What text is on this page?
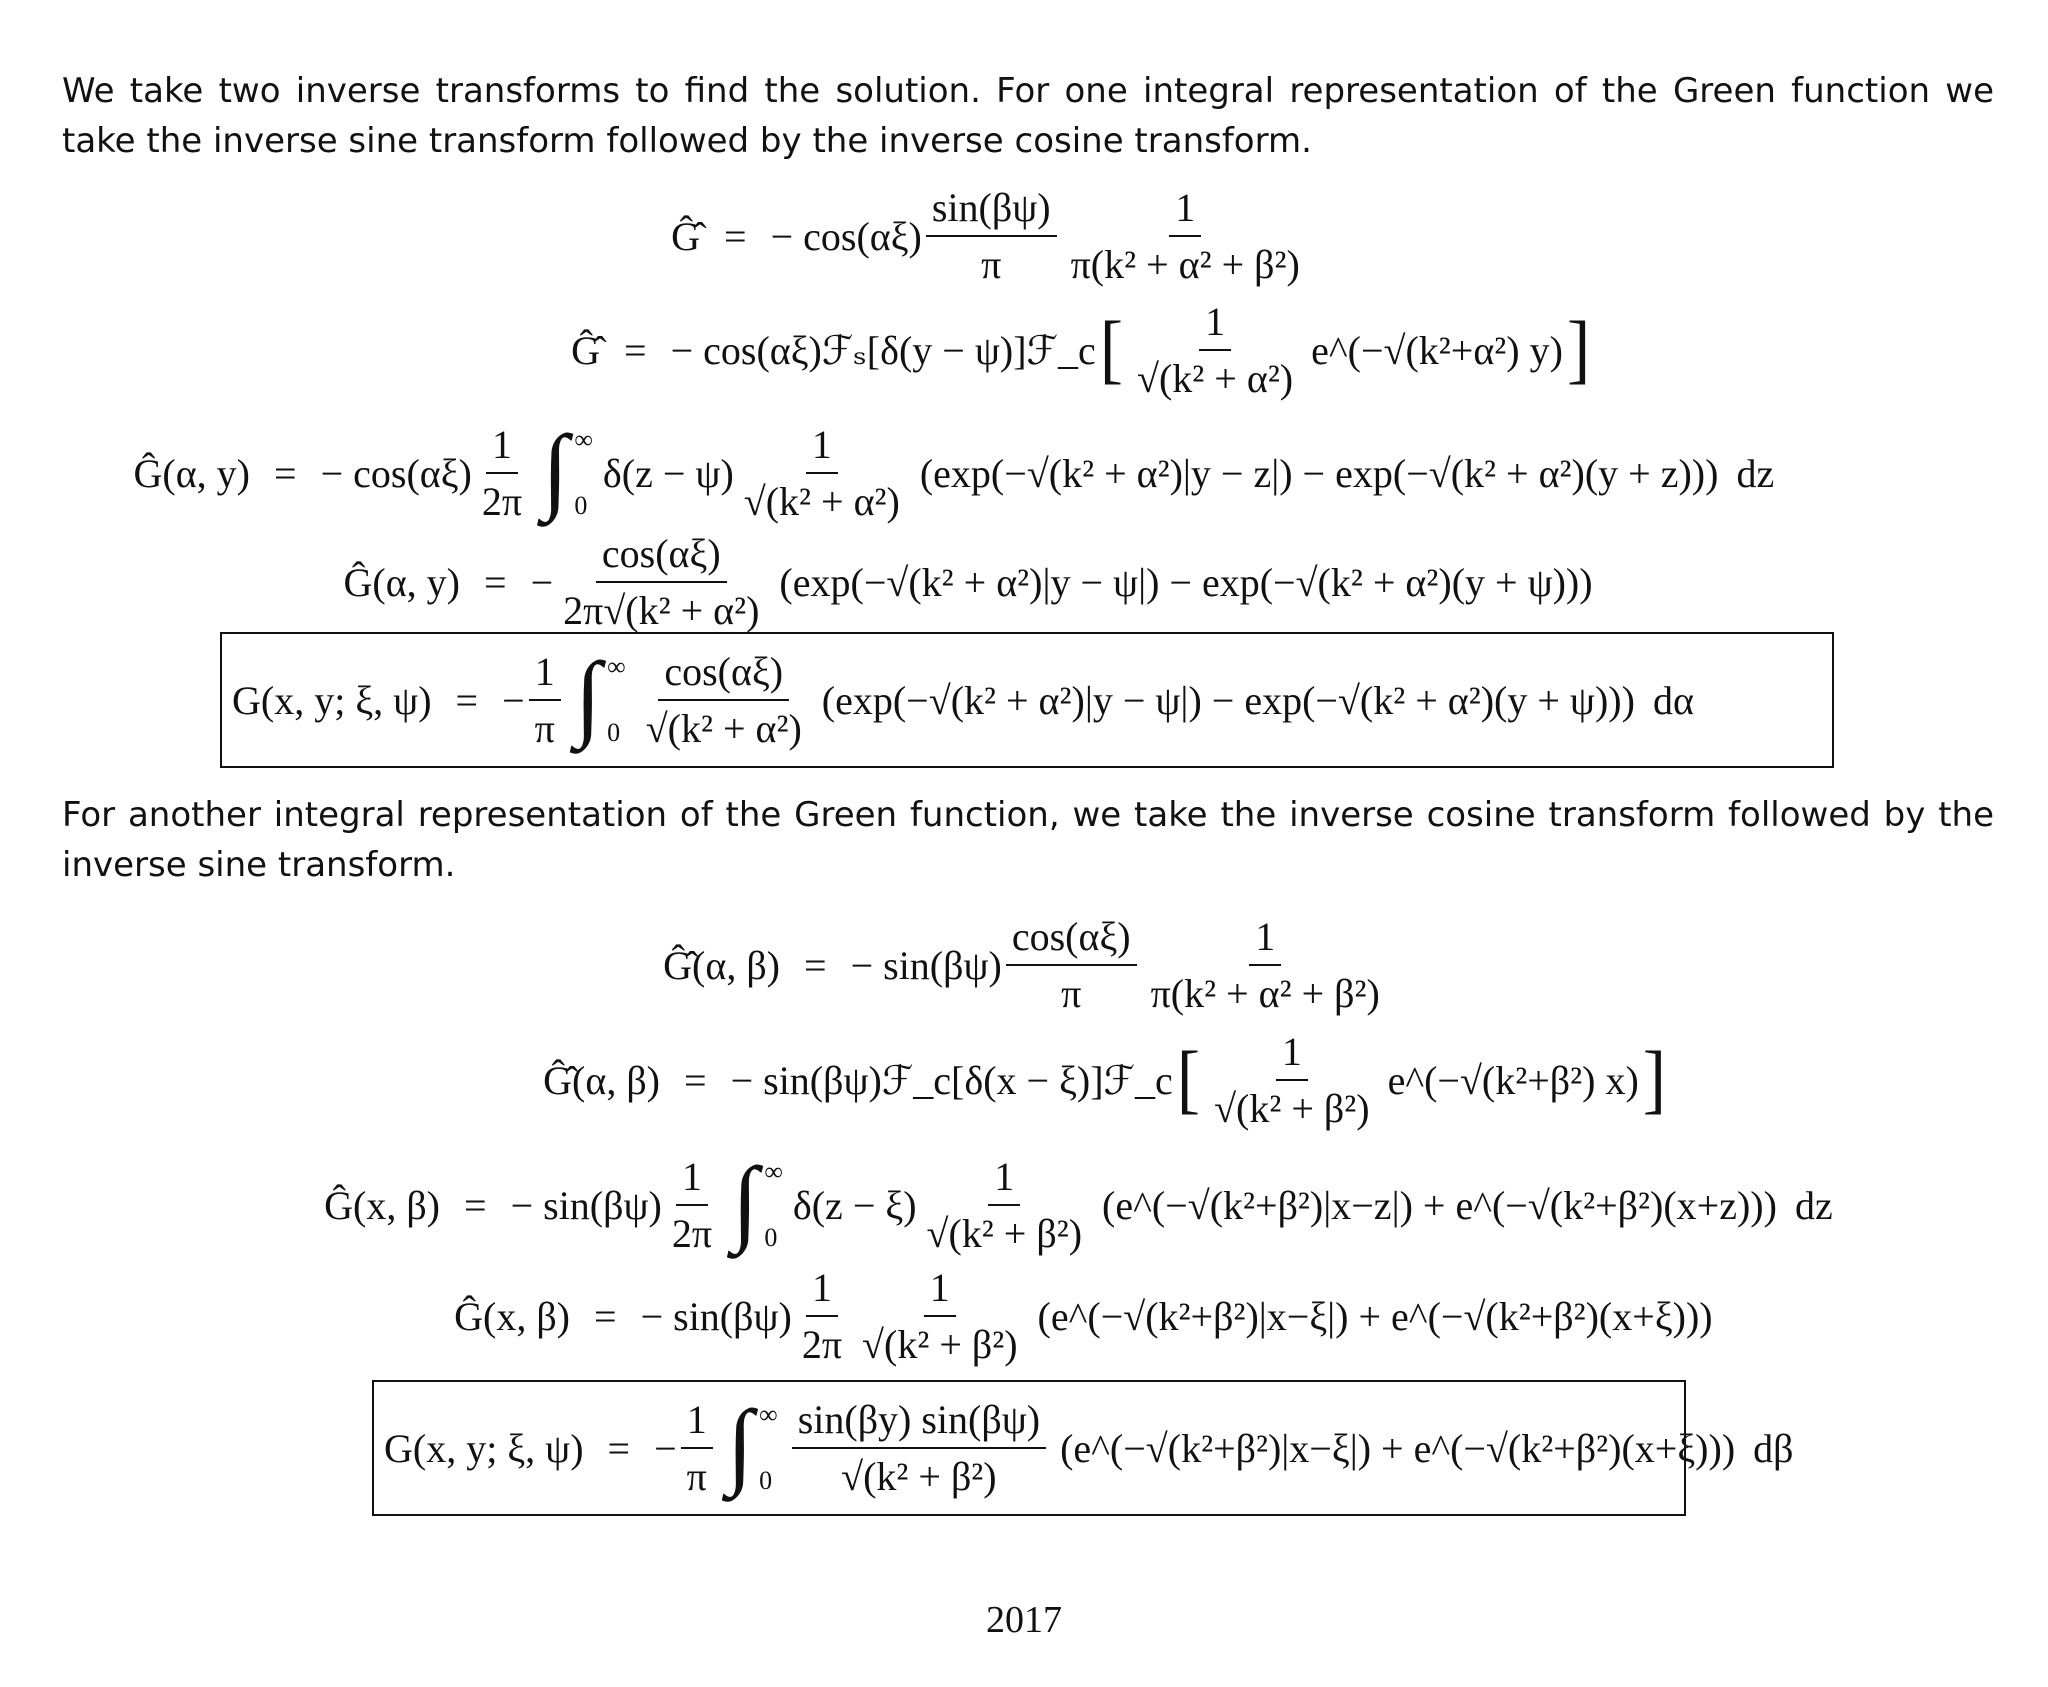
We take two inverse transforms to find the solution. For one integral representation of the Green function we take the inverse sine transform followed by the inverse cosine transform.
Ĝ̂ = − $\cos(\alpha\xi) \frac{\sin(\beta\psi)}{\pi} \frac{1}{\text{π(k² + α² + β²)}}$
Ĝ̂ = − cos(αξ)ℱₛ[δ(y − ψ)]ℱ_c [ $\frac{1}{\text{√(k² + α²)}}$ e^(−√(k²+α²) y) ]
Ĝ(α, y) = − $\cos(\alpha\xi) \frac{1}{2\pi}$ ∫ ∞
0
$\delta(z - \psi) \frac{1}{\text{√(k² + α²)}} (\exp(-√(k^2 + \alpha^2)|y - z|) - \exp(-√(k^2 + \alpha^2)(y + z)))$ dz
Ĝ(α, y) = − $\frac{\cos(\alpha\xi)}{\text{2π√(k² + α²)}} (\exp(-√(k^2 + \alpha^2)|y - \psi|) - \exp(-√(k^2 + \alpha^2)(y + \psi)))$
G(x, y; ξ, ψ) = − $\frac{1}{\pi}$ ∫ ∞
$0 \frac{\cos(\alpha\xi)}{\text{√(k² + α²)}} (\exp(-√(k^2 + \alpha^2)|y - \psi|) - \exp(-√(k^2 + \alpha^2)(y + \psi)))$ dα
For another integral representation of the Green function, we take the inverse cosine transform followed by the inverse sine transform.
Ĝ̂(α, β) = − $\sin(\beta\psi) \frac{\cos(\alpha\xi)}{\pi} \frac{1}{\text{π(k² + α² + β²)}}$
Ĝ̂(α, β) = − sin(βψ)ℱ_c[δ(x − ξ)]ℱ_c [ $\frac{1}{\text{√(k² + β²)}}$ e^(−√(k²+β²) x) ]
Ĝ(x, β) = − $\sin(\beta\psi) \frac{1}{2\pi}$ ∫ ∞
0
$\delta(z - \xi) \frac{1}{\text{√(k² + β²)}}$ (e^(−√(k²+β²)|x−z|) + e^(−√(k²+β²)(x+z))) dz
Ĝ(x, β) = − $\sin(\beta\psi) \frac{1}{2\pi} \frac{1}{\text{√(k² + β²)}}$ (e^(−√(k²+β²)|x−ξ|) + e^(−√(k²+β²)(x+ξ)))
G(x, y; ξ, ψ) = − $\frac{1}{\pi}$ ∫ ∞
$0 \frac{\sin(\beta y) \sin(\beta\psi)}{\text{√(k² + β²)}}$ (e^(−√(k²+β²)|x−ξ|) + e^(−√(k²+β²)(x+ξ))) dβ
2017
